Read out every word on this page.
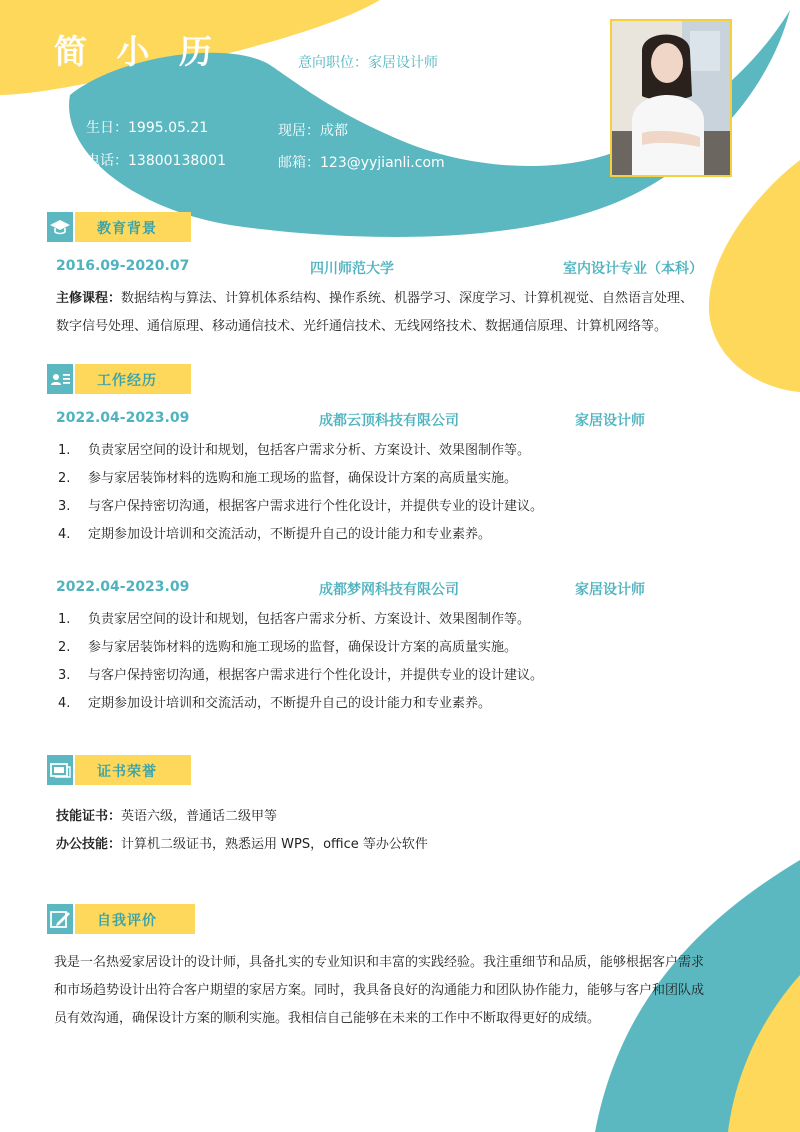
简 小 历	意向职位：家居设计师
生日：1995.05.21
电话：13800138001
现居：成都
邮箱：123@yyjianli.com
教育背景
2016.09-2020.07	四川师范大学	室内设计专业（本科）
主修课程：数据结构与算法、计算机体系结构、操作系统、机器学习、深度学习、计算机视觉、自然语言处理、
数字信号处理、通信原理、移动通信技术、光纤通信技术、无线网络技术、数据通信原理、计算机网络等。
工作经历
2022.04-2023.09	成都云顶科技有限公司	家居设计师
1. 负责家居空间的设计和规划，包括客户需求分析、方案设计、效果图制作等。
2. 参与家居装饰材料的选购和施工现场的监督，确保设计方案的高质量实施。
3. 与客户保持密切沟通，根据客户需求进行个性化设计，并提供专业的设计建议。
4. 定期参加设计培训和交流活动，不断提升自己的设计能力和专业素养。
2022.04-2023.09	成都梦网科技有限公司	家居设计师
1. 负责家居空间的设计和规划，包括客户需求分析、方案设计、效果图制作等。
2. 参与家居装饰材料的选购和施工现场的监督，确保设计方案的高质量实施。
3. 与客户保持密切沟通，根据客户需求进行个性化设计，并提供专业的设计建议。
4. 定期参加设计培训和交流活动，不断提升自己的设计能力和专业素养。
证书荣誉
技能证书：英语六级，普通话二级甲等
办公技能：计算机二级证书，熟悉运用 WPS，office 等办公软件
自我评价
我是一名热爱家居设计的设计师，具备扎实的专业知识和丰富的实践经验。我注重细节和品质，能够根据客户需求
和市场趋势设计出符合客户期望的家居方案。同时，我具备良好的沟通能力和团队协作能力，能够与客户和团队成
员有效沟通，确保设计方案的顺利实施。我相信自己能够在未来的工作中不断取得更好的成绩。
